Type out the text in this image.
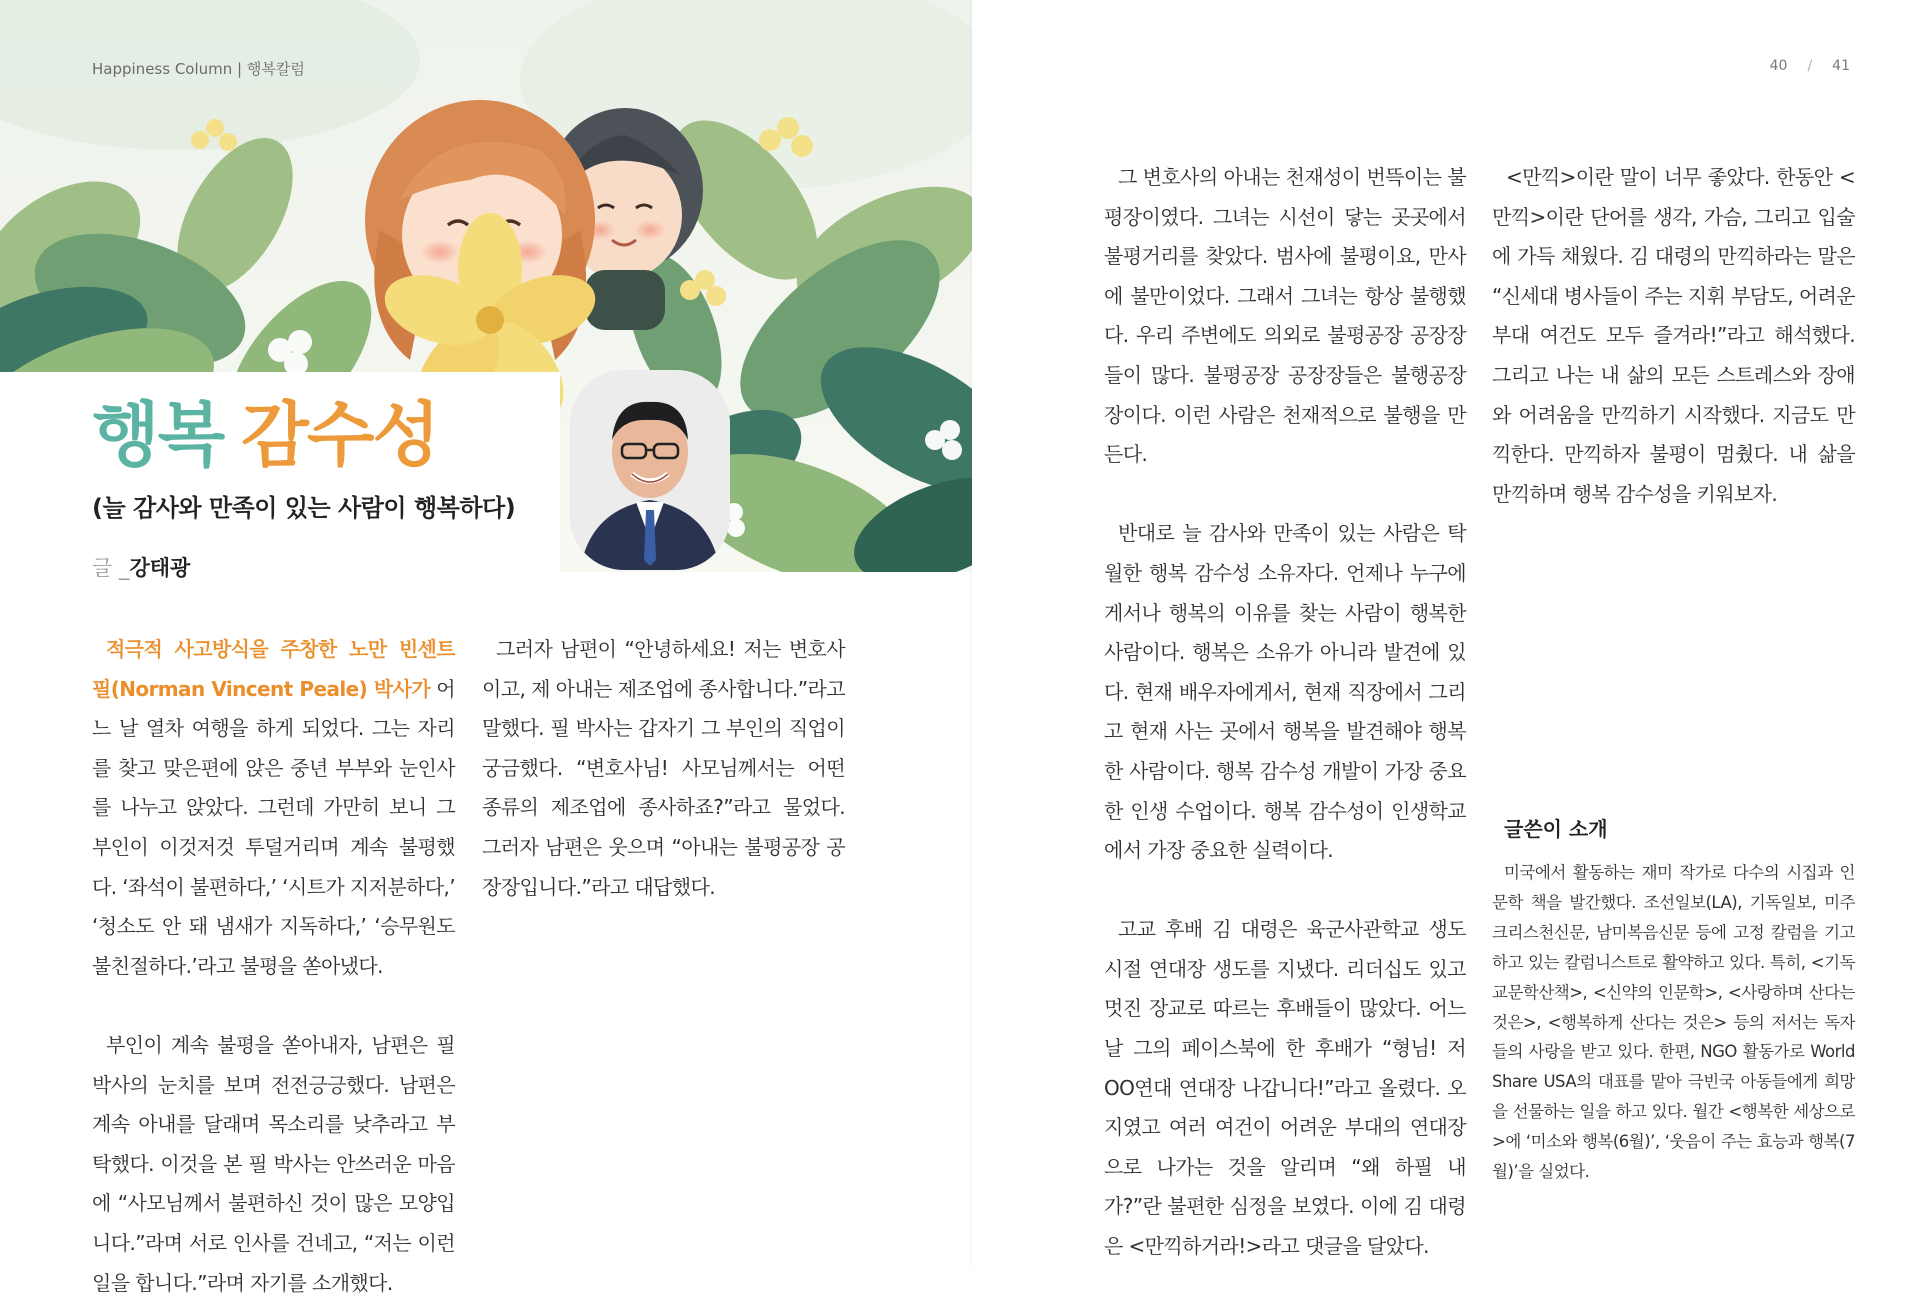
Happiness Column | 행복칼럼	40 / 41
행복 감수성
(늘 감사와 만족이 있는 사람이 행복하다)
글 _강태광

적극적 사고방식을 주창한 노만 빈센트 필(Norman Vincent Peale) 박사가 어느 날 열차 여행을 하게 되었다. 그는 자리를 찾고 맞은편에 앉은 중년 부부와 눈인사를 나누고 앉았다. 그런데 가만히 보니 그 부인이 이것저것 투덜거리며 계속 불평했다. ‘좌석이 불편하다,’ ‘시트가 지저분하다,’ ‘청소도 안 돼 냄새가 지독하다,’ ‘승무원도 불친절하다.’라고 불평을 쏟아냈다.

부인이 계속 불평을 쏟아내자, 남편은 필 박사의 눈치를 보며 전전긍긍했다. 남편은 계속 아내를 달래며 목소리를 낮추라고 부탁했다. 이것을 본 필 박사는 안쓰러운 마음에 “사모님께서 불편하신 것이 많은 모양입니다.”라며 서로 인사를 건네고, “저는 이런 일을 합니다.”라며 자기를 소개했다.

그러자 남편이 “안녕하세요! 저는 변호사이고, 제 아내는 제조업에 종사합니다.”라고 말했다. 필 박사는 갑자기 그 부인의 직업이 궁금했다. “변호사님! 사모님께서는 어떤 종류의 제조업에 종사하죠?”라고 물었다. 그러자 남편은 웃으며 “아내는 불평공장 공장장입니다.”라고 대답했다.

그 변호사의 아내는 천재성이 번뜩이는 불평장이였다. 그녀는 시선이 닿는 곳곳에서 불평거리를 찾았다. 범사에 불평이요, 만사에 불만이었다. 그래서 그녀는 항상 불행했다. 우리 주변에도 의외로 불평공장 공장장들이 많다. 불평공장 공장장들은 불행공장장이다. 이런 사람은 천재적으로 불행을 만든다.

반대로 늘 감사와 만족이 있는 사람은 탁월한 행복 감수성 소유자다. 언제나 누구에게서나 행복의 이유를 찾는 사람이 행복한 사람이다. 행복은 소유가 아니라 발견에 있다. 현재 배우자에게서, 현재 직장에서 그리고 현재 사는 곳에서 행복을 발견해야 행복한 사람이다. 행복 감수성 개발이 가장 중요한 인생 수업이다. 행복 감수성이 인생학교에서 가장 중요한 실력이다.

고교 후배 김 대령은 육군사관학교 생도 시절 연대장 생도를 지냈다. 리더십도 있고 멋진 장교로 따르는 후배들이 많았다. 어느 날 그의 페이스북에 한 후배가 “형님! 저 OO연대 연대장 나갑니다!”라고 올렸다. 오지였고 여러 여건이 어려운 부대의 연대장으로 나가는 것을 알리며 “왜 하필 내가?”란 불편한 심정을 보였다. 이에 김 대령은 <만끽하거라!>라고 댓글을 달았다.

<만끽>이란 말이 너무 좋았다. 한동안 <만끽>이란 단어를 생각, 가슴, 그리고 입술에 가득 채웠다. 김 대령의 만끽하라는 말은 “신세대 병사들이 주는 지휘 부담도, 어려운 부대 여건도 모두 즐겨라!”라고 해석했다. 그리고 나는 내 삶의 모든 스트레스와 장애와 어려움을 만끽하기 시작했다. 지금도 만끽한다. 만끽하자 불평이 멈췄다. 내 삶을 만끽하며 행복 감수성을 키워보자.

글쓴이 소개

미국에서 활동하는 재미 작가로 다수의 시집과 인문학 책을 발간했다. 조선일보(LA), 기독일보, 미주 크리스천신문, 남미복음신문 등에 고정 칼럼을 기고하고 있는 칼럼니스트로 활약하고 있다. 특히, <기독교문학산책>, <신약의 인문학>, <사랑하며 산다는 것은>, <행복하게 산다는 것은> 등의 저서는 독자들의 사랑을 받고 있다. 한편, NGO 활동가로 World Share USA의 대표를 맡아 극빈국 아동들에게 희망을 선물하는 일을 하고 있다. 월간 <행복한 세상으로>에 ‘미소와 행복(6월)’, ‘웃음이 주는 효능과 행복(7월)’을 실었다.
